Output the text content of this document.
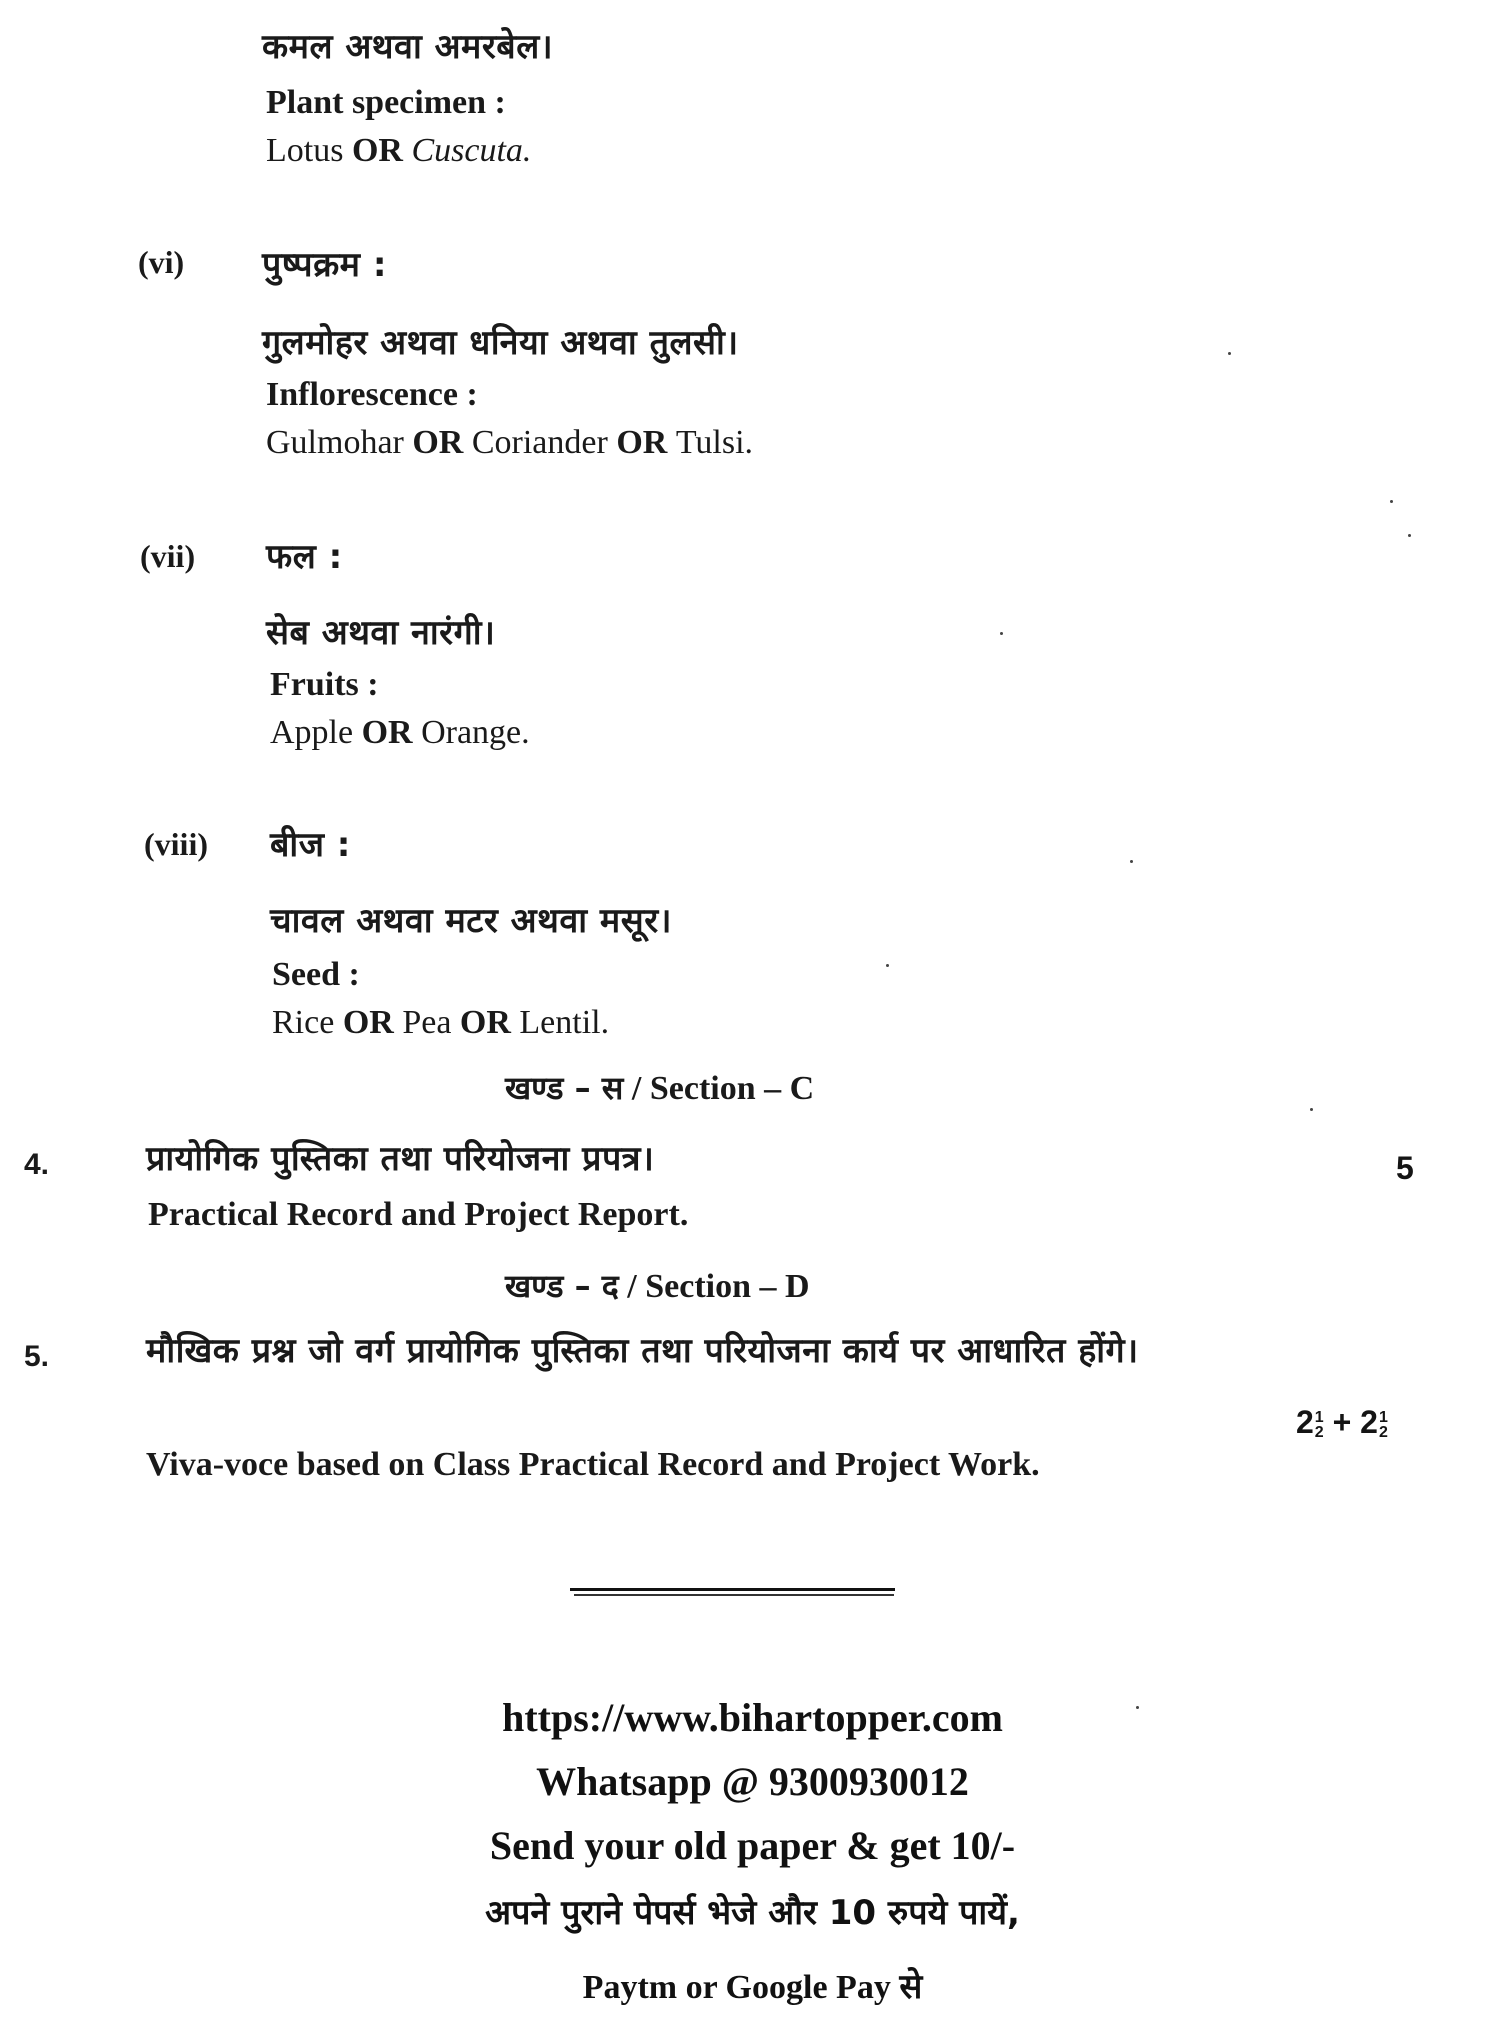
कमल अथवा अमरबेल।
Plant specimen :
Lotus OR Cuscuta.
(vi) पुष्पक्रम :
गुलमोहर अथवा धनिया अथवा तुलसी।
Inflorescence :
Gulmohar OR Coriander OR Tulsi.
(vii) फल :
सेब अथवा नारंगी।
Fruits :
Apple OR Orange.
(viii) बीज :
चावल अथवा मटर अथवा मसूर।
Seed :
Rice OR Pea OR Lentil.
खण्ड – स / Section – C
4.	प्रायोगिक पुस्तिका तथा परियोजना प्रपत्र।
Practical Record and Project Report.
5
खण्ड – द / Section – D
5.	मौखिक प्रश्न जो वर्ग प्रायोगिक पुस्तिका तथा परियोजना कार्य पर आधारित होंगे।
2 1
2 + 2 1
2
Viva-voce based on Class Practical Record and Project Work.
https://www.bihartopper.com
Whatsapp @ 9300930012
Send your old paper & get 10/-
अपने पुराने पेपर्स भेजे और 10 रुपये पायें,
Paytm or Google Pay से
